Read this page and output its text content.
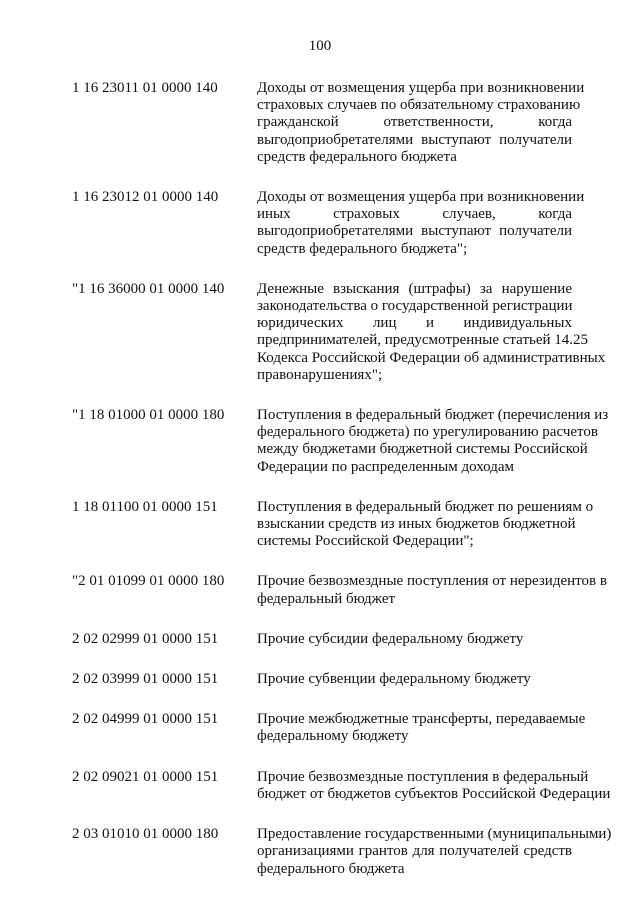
100
1 16 23011 01 0000 140	Доходы от возмещения ущерба при возникновении
страховых случаев по обязательному страхованию
гражданской ответственности, когда
выгодоприобретателями выступают получатели
средств федерального бюджета
1 16 23012 01 0000 140	Доходы от возмещения ущерба при возникновении
иных страховых случаев, когда
выгодоприобретателями выступают получатели
средств федерального бюджета";
"1 16 36000 01 0000 140	Денежные взыскания (штрафы) за нарушение
законодательства о государственной регистрации
юридических лиц и индивидуальных
предпринимателей, предусмотренные статьей 14.25
Кодекса Российской Федерации об административных
правонарушениях";
"1 18 01000 01 0000 180	Поступления в федеральный бюджет (перечисления из
федерального бюджета) по урегулированию расчетов
между бюджетами бюджетной системы Российской
Федерации по распределенным доходам
1 18 01100 01 0000 151	Поступления в федеральный бюджет по решениям о
взыскании средств из иных бюджетов бюджетной
системы Российской Федерации";
"2 01 01099 01 0000 180	Прочие безвозмездные поступления от нерезидентов в
федеральный бюджет
2 02 02999 01 0000 151	Прочие субсидии федеральному бюджету
2 02 03999 01 0000 151	Прочие субвенции федеральному бюджету
2 02 04999 01 0000 151	Прочие межбюджетные трансферты, передаваемые
федеральному бюджету
2 02 09021 01 0000 151	Прочие безвозмездные поступления в федеральный
бюджет от бюджетов субъектов Российской Федерации
2 03 01010 01 0000 180	Предоставление государственными (муниципальными)
организациями грантов для получателей средств
федерального бюджета
